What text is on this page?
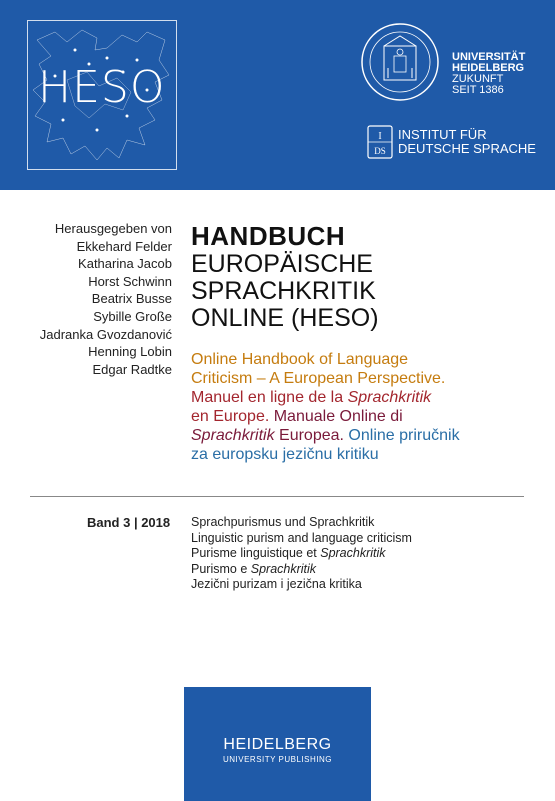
HESO
UNIVERSITÄT
HEIDELBERG
ZUKUNFT
SEIT 1386
I
DS
INSTITUT FÜR
DEUTSCHE SPRACHE
Herausgegeben von
Ekkehard Felder
Katharina Jacob
Horst Schwinn
Beatrix Busse
Sybille Große
Jadranka Gvozdanović
Henning Lobin
Edgar Radtke
HANDBUCH
EUROPÄISCHE
SPRACHKRITIK
ONLINE (HESO)
Online Handbook of Language
Criticism – A European Perspective.
Manuel en ligne de la Sprachkritik
en Europe. Manuale Online di
Sprachkritik Europea. Online priručnik
za europsku jezičnu kritiku
Band 3 | 2018 Sprachpurismus und Sprachkritik
Linguistic purism and language criticism
Purisme linguistique et Sprachkritik
Purismo e Sprachkritik
Jezični purizam i jezična kritika
HEIDELBERG
UNIVERSITY PUBLISHING
